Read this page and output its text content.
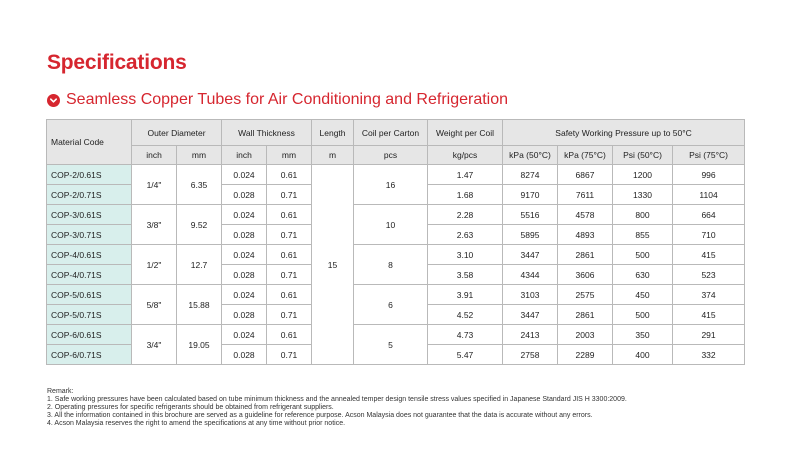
Specifications
Seamless Copper Tubes for Air Conditioning and Refrigeration
Material Code	Outer Diameter		Wall Thickness		Length	Coil per Carton	Weight per Coil	Safety Working Pressure up to 50°C			
	inch	mm	inch	mm	m	pcs	kg/pcs	kPa (50°C)	kPa (75°C)	Psi (50°C)	Psi (75°C)
COP-2/0.61S	1/4"	6.35	0.024	0.61	15	16	1.47	8274	6867	1200	996
COP-2/0.71S			0.028	0.71			1.68	9170	7611	1330	1104
COP-3/0.61S	3/8"	9.52	0.024	0.61		10	2.28	5516	4578	800	664
COP-3/0.71S			0.028	0.71			2.63	5895	4893	855	710
COP-4/0.61S	1/2"	12.7	0.024	0.61		8	3.10	3447	2861	500	415
COP-4/0.71S			0.028	0.71			3.58	4344	3606	630	523
COP-5/0.61S	5/8"	15.88	0.024	0.61		6	3.91	3103	2575	450	374
COP-5/0.71S			0.028	0.71			4.52	3447	2861	500	415
COP-6/0.61S	3/4"	19.05	0.024	0.61		5	4.73	2413	2003	350	291
COP-6/0.71S			0.028	0.71			5.47	2758	2289	400	332
Remark:
1. Safe working pressures have been calculated based on tube minimum thickness and the annealed temper design tensile stress values specified in Japanese Standard JIS H 3300:2009.
2. Operating pressures for specific refrigerants should be obtained from refrigerant suppliers.
3. All the information contained in this brochure are served as a guideline for reference purpose. Acson Malaysia does not guarantee that the data is accurate without any errors.
4. Acson Malaysia reserves the right to amend the specifications at any time without prior notice.
